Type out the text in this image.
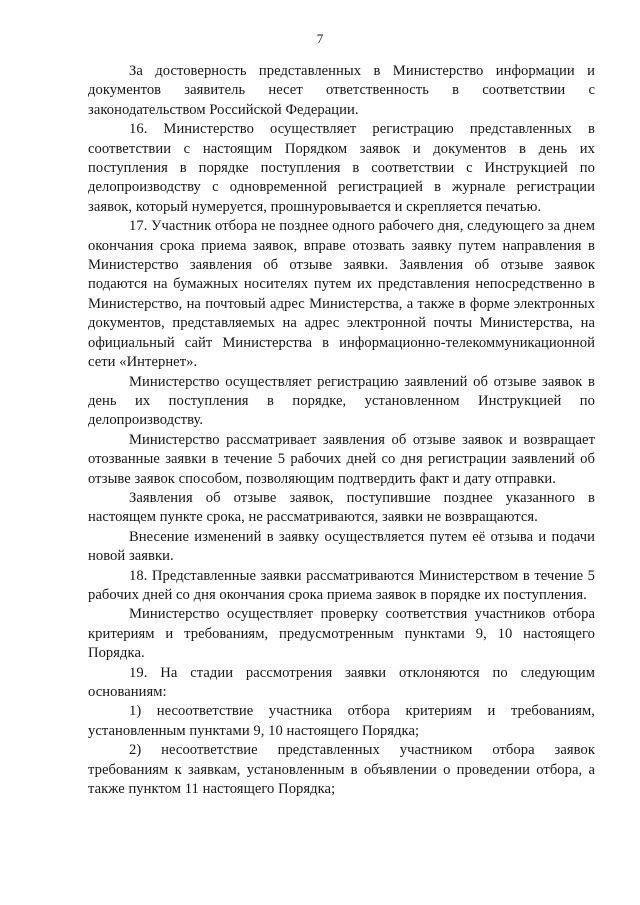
7

За достоверность представленных в Министерство информации и документов заявитель несет ответственность в соответствии с законодательством Российской Федерации.

16. Министерство осуществляет регистрацию представленных в соответствии с настоящим Порядком заявок и документов в день их поступления в порядке поступления в соответствии с Инструкцией по делопроизводству с одновременной регистрацией в журнале регистрации заявок, который нумеруется, прошнуровывается и скрепляется печатью.

17. Участник отбора не позднее одного рабочего дня, следующего за днем окончания срока приема заявок, вправе отозвать заявку путем направления в Министерство заявления об отзыве заявки. Заявления об отзыве заявок подаются на бумажных носителях путем их представления непосредственно в Министерство, на почтовый адрес Министерства, а также в форме электронных документов, представляемых на адрес электронной почты Министерства, на официальный сайт Министерства в информационно-телекоммуникационной сети «Интернет».

Министерство осуществляет регистрацию заявлений об отзыве заявок в день их поступления в порядке, установленном Инструкцией по делопроизводству.

Министерство рассматривает заявления об отзыве заявок и возвращает отозванные заявки в течение 5 рабочих дней со дня регистрации заявлений об отзыве заявок способом, позволяющим подтвердить факт и дату отправки.

Заявления об отзыве заявок, поступившие позднее указанного в настоящем пункте срока, не рассматриваются, заявки не возвращаются.

Внесение изменений в заявку осуществляется путем её отзыва и подачи новой заявки.

18. Представленные заявки рассматриваются Министерством в течение 5 рабочих дней со дня окончания срока приема заявок в порядке их поступления.

Министерство осуществляет проверку соответствия участников отбора критериям и требованиям, предусмотренным пунктами 9, 10 настоящего Порядка.

19. На стадии рассмотрения заявки отклоняются по следующим основаниям:

1) несоответствие участника отбора критериям и требованиям, установленным пунктами 9, 10 настоящего Порядка;

2) несоответствие представленных участником отбора заявок требованиям к заявкам, установленным в объявлении о проведении отбора, а также пунктом 11 настоящего Порядка;
